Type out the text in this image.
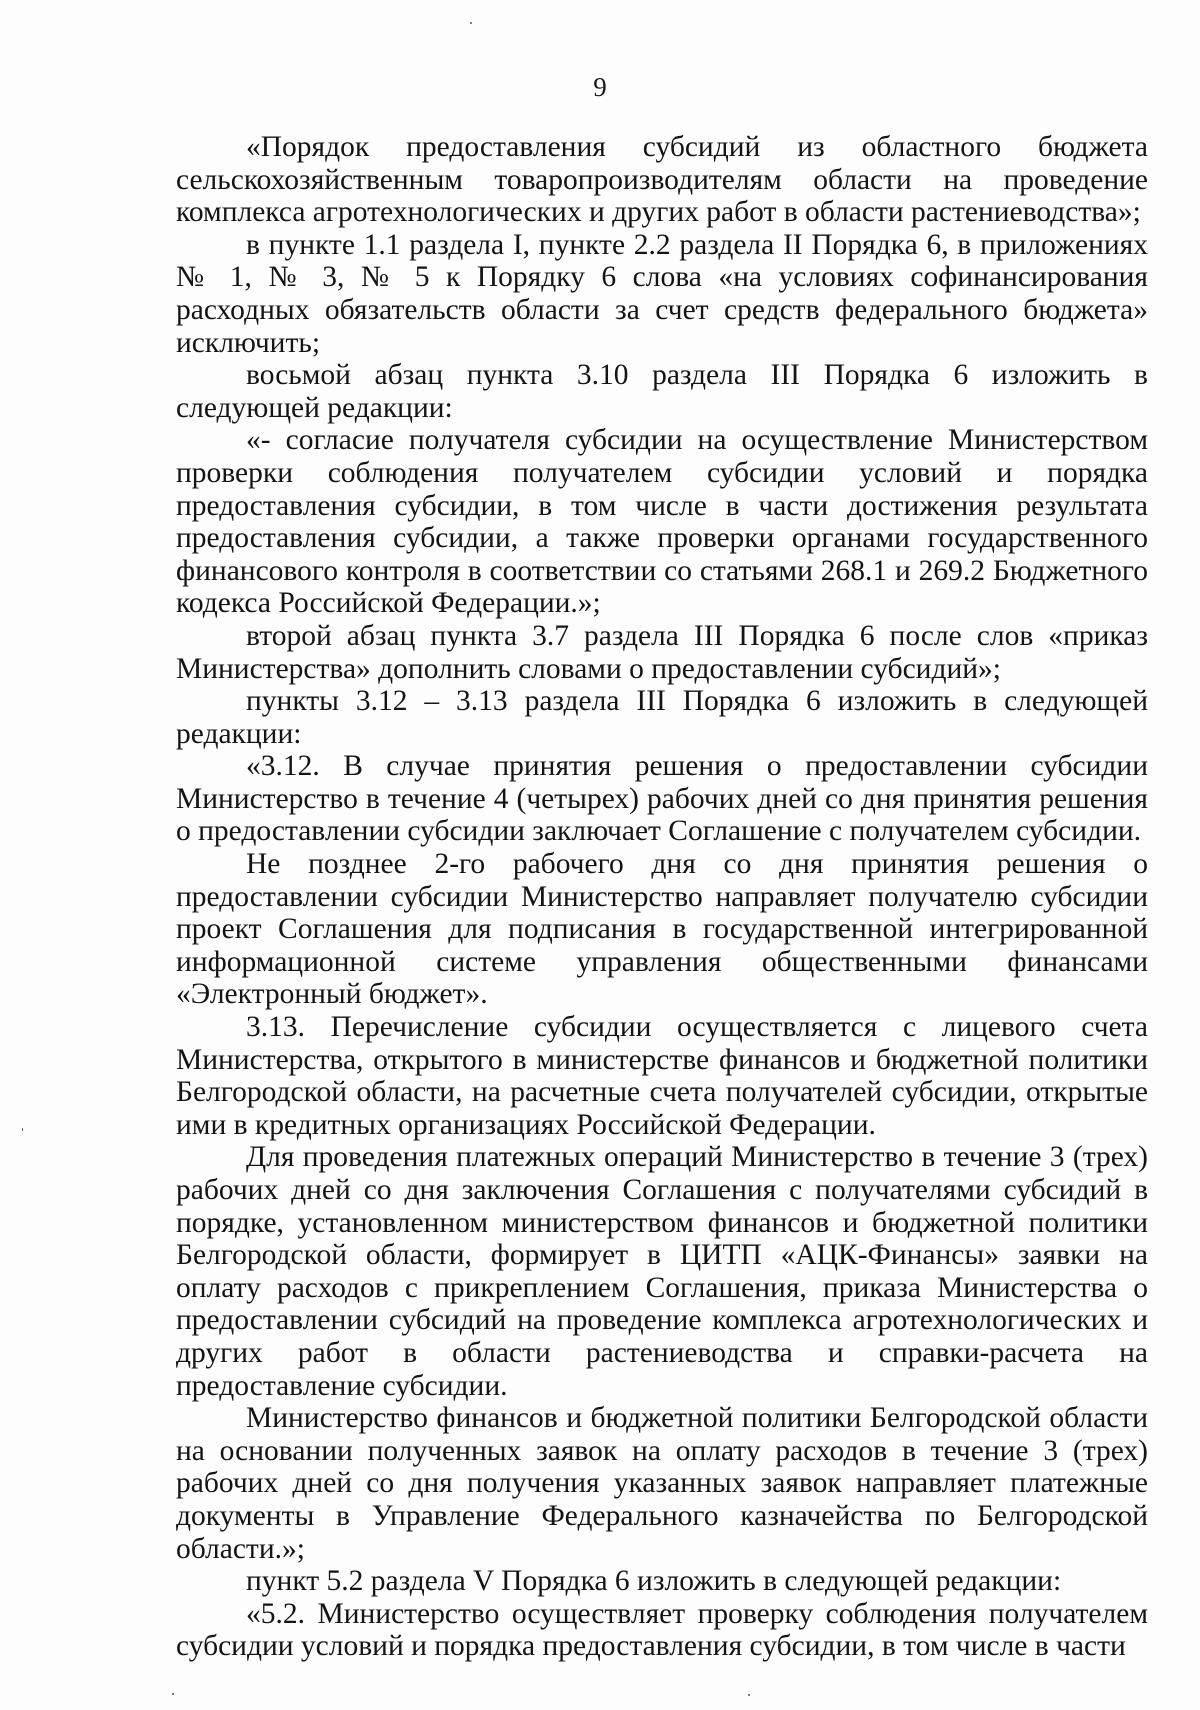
9

«Порядок предоставления субсидий из областного бюджета сельскохозяйственным товаропроизводителям области на проведение комплекса агротехнологических и других работ в области растениеводства»;

в пункте 1.1 раздела I, пункте 2.2 раздела II Порядка 6, в приложениях № 1, № 3, № 5 к Порядку 6 слова «на условиях софинансирования расходных обязательств области за счет средств федерального бюджета» исключить;

восьмой абзац пункта 3.10 раздела III Порядка 6 изложить в следующей редакции:

«- согласие получателя субсидии на осуществление Министерством проверки соблюдения получателем субсидии условий и порядка предоставления субсидии, в том числе в части достижения результата предоставления субсидии, а также проверки органами государственного финансового контроля в соответствии со статьями 268.1 и 269.2 Бюджетного кодекса Российской Федерации.»;

второй абзац пункта 3.7 раздела III Порядка 6 после слов «приказ Министерства» дополнить словами о предоставлении субсидий»;

пункты 3.12 – 3.13 раздела III Порядка 6 изложить в следующей редакции:

«3.12. В случае принятия решения о предоставлении субсидии Министерство в течение 4 (четырех) рабочих дней со дня принятия решения о предоставлении субсидии заключает Соглашение с получателем субсидии.

Не позднее 2-го рабочего дня со дня принятия решения о предоставлении субсидии Министерство направляет получателю субсидии проект Соглашения для подписания в государственной интегрированной информационной системе управления общественными финансами «Электронный бюджет».

3.13. Перечисление субсидии осуществляется с лицевого счета Министерства, открытого в министерстве финансов и бюджетной политики Белгородской области, на расчетные счета получателей субсидии, открытые ими в кредитных организациях Российской Федерации.

Для проведения платежных операций Министерство в течение 3 (трех) рабочих дней со дня заключения Соглашения с получателями субсидий в порядке, установленном министерством финансов и бюджетной политики Белгородской области, формирует в ЦИТП «АЦК-Финансы» заявки на оплату расходов с прикреплением Соглашения, приказа Министерства о предоставлении субсидий на проведение комплекса агротехнологических и других работ в области растениеводства и справки-расчета на предоставление субсидии.

Министерство финансов и бюджетной политики Белгородской области на основании полученных заявок на оплату расходов в течение 3 (трех) рабочих дней со дня получения указанных заявок направляет платежные документы в Управление Федерального казначейства по Белгородской области.»;

пункт 5.2 раздела V Порядка 6 изложить в следующей редакции:

«5.2. Министерство осуществляет проверку соблюдения получателем субсидии условий и порядка предоставления субсидии, в том числе в части
